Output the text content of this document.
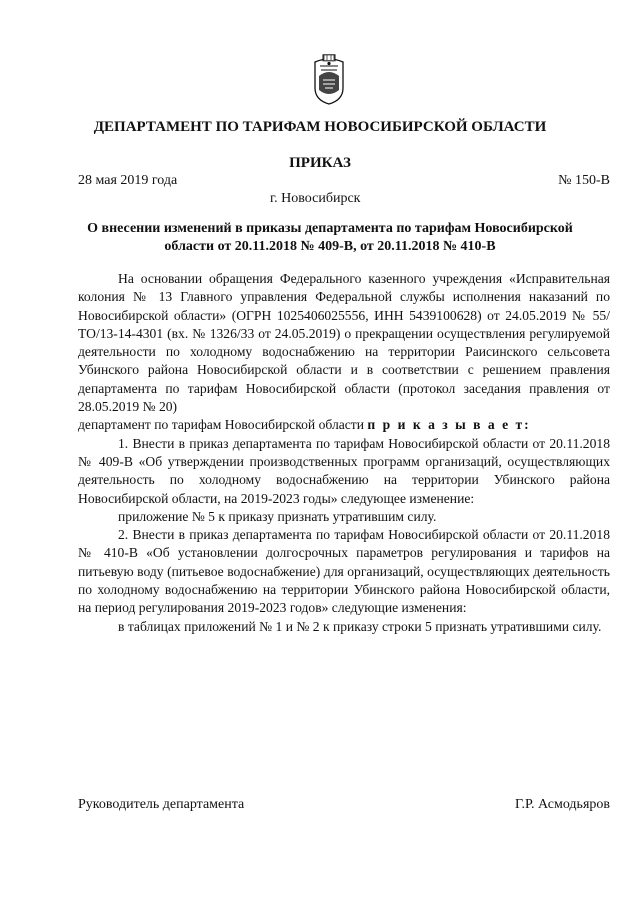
ДЕПАРТАМЕНТ ПО ТАРИФАМ НОВОСИБИРСКОЙ ОБЛАСТИ
ПРИКАЗ
28 мая 2019 года	№ 150-В
г. Новосибирск
О внесении изменений в приказы департамента по тарифам Новосибирской области от 20.11.2018 № 409-В, от 20.11.2018 № 410-В

На основании обращения Федерального казенного учреждения «Исправительная колония № 13 Главного управления Федеральной службы исполнения наказаний по Новосибирской области» (ОГРН 1025406025556, ИНН 5439100628) от 24.05.2019 № 55/ТО/13-14-4301 (вх. № 1326/33 от 24.05.2019) о прекращении осуществления регулируемой деятельности по холодному водоснабжению на территории Раисинского сельсовета Убинского района Новосибирской области и в соответствии с решением правления департамента по тарифам Новосибирской области (протокол заседания правления от 28.05.2019 № 20)

департамент по тарифам Новосибирской области п р и к а з ы в а е т:

1. Внести в приказ департамента по тарифам Новосибирской области от 20.11.2018 № 409-В «Об утверждении производственных программ организаций, осуществляющих деятельность по холодному водоснабжению на территории Убинского района Новосибирской области, на 2019-2023 годы» следующее изменение:

приложение № 5 к приказу признать утратившим силу.

2. Внести в приказ департамента по тарифам Новосибирской области от 20.11.2018 № 410-В «Об установлении долгосрочных параметров регулирования и тарифов на питьевую воду (питьевое водоснабжение) для организаций, осуществляющих деятельность по холодному водоснабжению на территории Убинского района Новосибирской области, на период регулирования 2019-2023 годов» следующие изменения:

в таблицах приложений № 1 и № 2 к приказу строки 5 признать утратившими силу.

Руководитель департамента	Г.Р. Асмодьяров
